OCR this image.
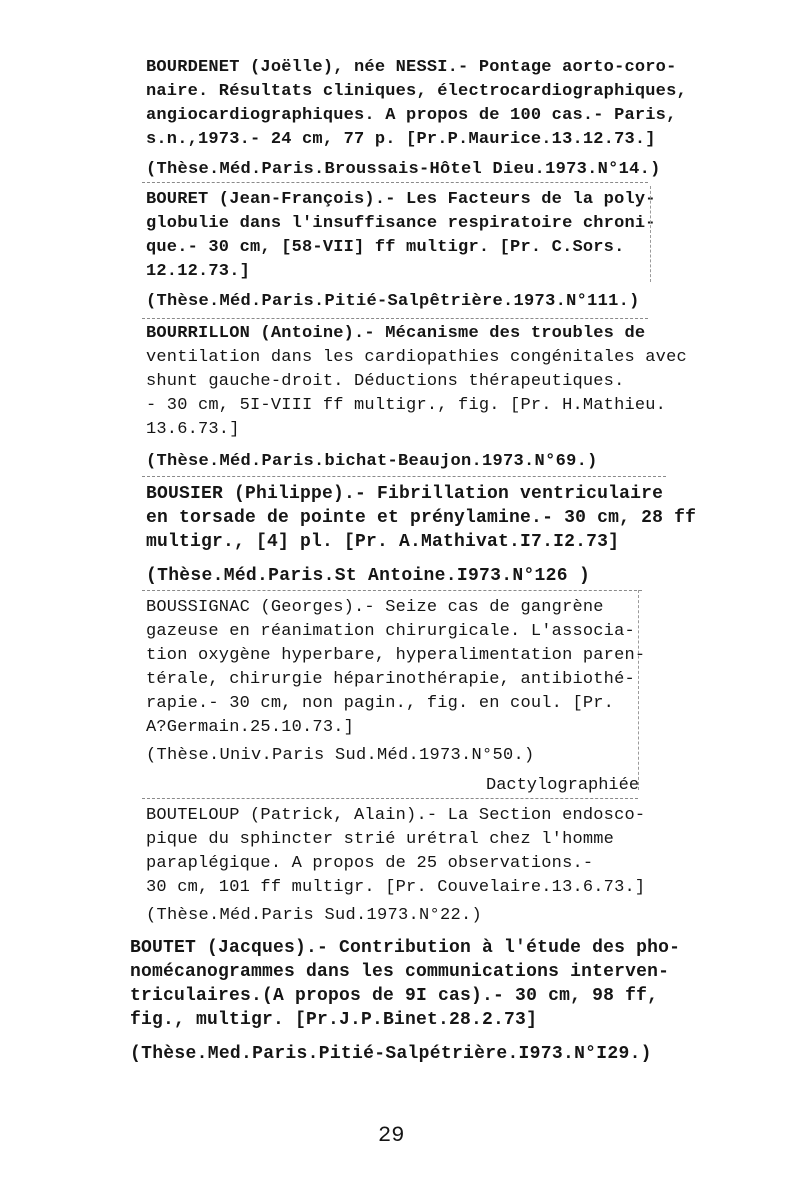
BOURDENET (Joëlle), née NESSI.- Pontage aorto-coro-
naire. Résultats cliniques, électrocardiographiques,
angiocardiographiques. A propos de 100 cas.- Paris,
s.n.,1973.- 24 cm, 77 p. [Pr.P.Maurice.13.12.73.]
(Thèse.Méd.Paris.Broussais-Hôtel Dieu.1973.N°14.)
BOURET (Jean-François).- Les Facteurs de la poly-
globulie dans l'insuffisance respiratoire chroni-
que.- 30 cm, [58-VII] ff multigr. [Pr. C.Sors.
12.12.73.]
(Thèse.Méd.Paris.Pitié-Salpêtrière.1973.N°111.)
BOURRILLON (Antoine).- Mécanisme des troubles de
ventilation dans les cardiopathies congénitales avec
shunt gauche-droit. Déductions thérapeutiques.
- 30 cm, 5I-VIII ff multigr., fig. [Pr. H.Mathieu.
13.6.73.]
(Thèse.Méd.Paris.bichat-Beaujon.1973.N°69.)
BOUSIER (Philippe).- Fibrillation ventriculaire
en torsade de pointe et prénylamine.- 30 cm, 28 ff
multigr., [4] pl. [Pr. A.Mathivat.I7.I2.73]
(Thèse.Méd.Paris.St Antoine.I973.N°126 )
BOUSSIGNAC (Georges).- Seize cas de gangrène
gazeuse en réanimation chirurgicale. L'associa-
tion oxygène hyperbare, hyperalimentation paren-
térale, chirurgie héparinothérapie, antibiothé-
rapie.- 30 cm, non pagin., fig. en coul. [Pr.
A?Germain.25.10.73.]
(Thèse.Univ.Paris Sud.Méd.1973.N°50.)
Dactylographiée
BOUTELOUP (Patrick, Alain).- La Section endosco-
pique du sphincter strié urétral chez l'homme
paraplégique. A propos de 25 observations.-
30 cm, 101 ff multigr. [Pr. Couvelaire.13.6.73.]
(Thèse.Méd.Paris Sud.1973.N°22.)
BOUTET (Jacques).- Contribution à l'étude des pho-
nomécanogrammes dans les communications interven-
triculaires.(A propos de 9I cas).- 30 cm, 98 ff,
fig., multigr. [Pr.J.P.Binet.28.2.73]
(Thèse.Med.Paris.Pitié-Salpétrière.I973.N°I29.)
29
